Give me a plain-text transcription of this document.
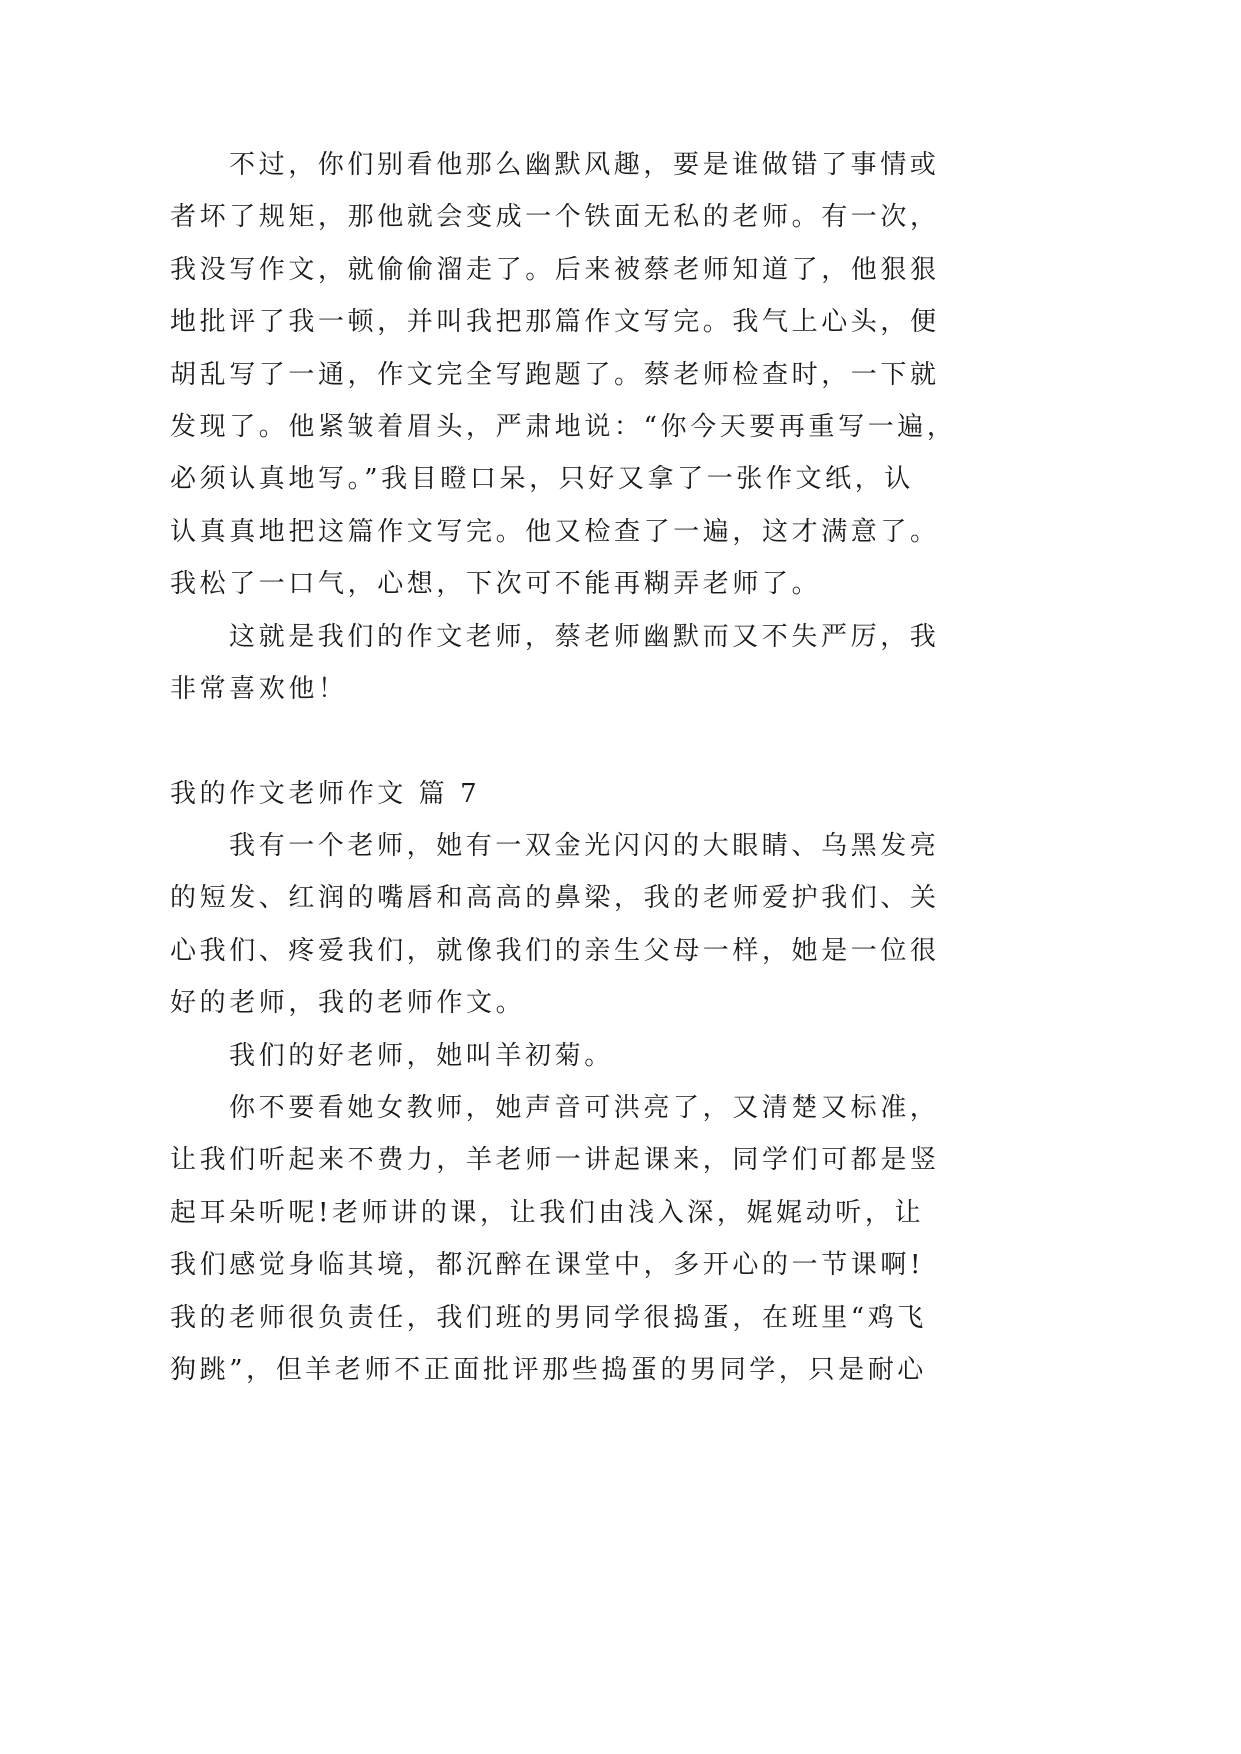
不过，你们别看他那么幽默风趣，要是谁做错了事情或
者坏了规矩，那他就会变成一个铁面无私的老师。有一次，
我没写作文，就偷偷溜走了。后来被蔡老师知道了，他狠狠
地批评了我一顿，并叫我把那篇作文写完。我气上心头，便
胡乱写了一通，作文完全写跑题了。蔡老师检查时，一下就
发现了。他紧皱着眉头，严肃地说：“你今天要再重写一遍，
必须认真地写。”我目瞪口呆，只好又拿了一张作文纸，认
认真真地把这篇作文写完。他又检查了一遍，这才满意了。
我松了一口气，心想，下次可不能再糊弄老师了。
这就是我们的作文老师，蔡老师幽默而又不失严厉，我
非常喜欢他！
我的作文老师作文 篇 7
我有一个老师，她有一双金光闪闪的大眼睛、乌黑发亮
的短发、红润的嘴唇和高高的鼻梁，我的老师爱护我们、关
心我们、疼爱我们，就像我们的亲生父母一样，她是一位很
好的老师，我的老师作文。
我们的好老师，她叫羊初菊。
你不要看她女教师，她声音可洪亮了，又清楚又标准，
让我们听起来不费力，羊老师一讲起课来，同学们可都是竖
起耳朵听呢!老师讲的课，让我们由浅入深，娓娓动听，让
我们感觉身临其境，都沉醉在课堂中，多开心的一节课啊!
我的老师很负责任，我们班的男同学很捣蛋，在班里“鸡飞
狗跳”，但羊老师不正面批评那些捣蛋的男同学，只是耐心
